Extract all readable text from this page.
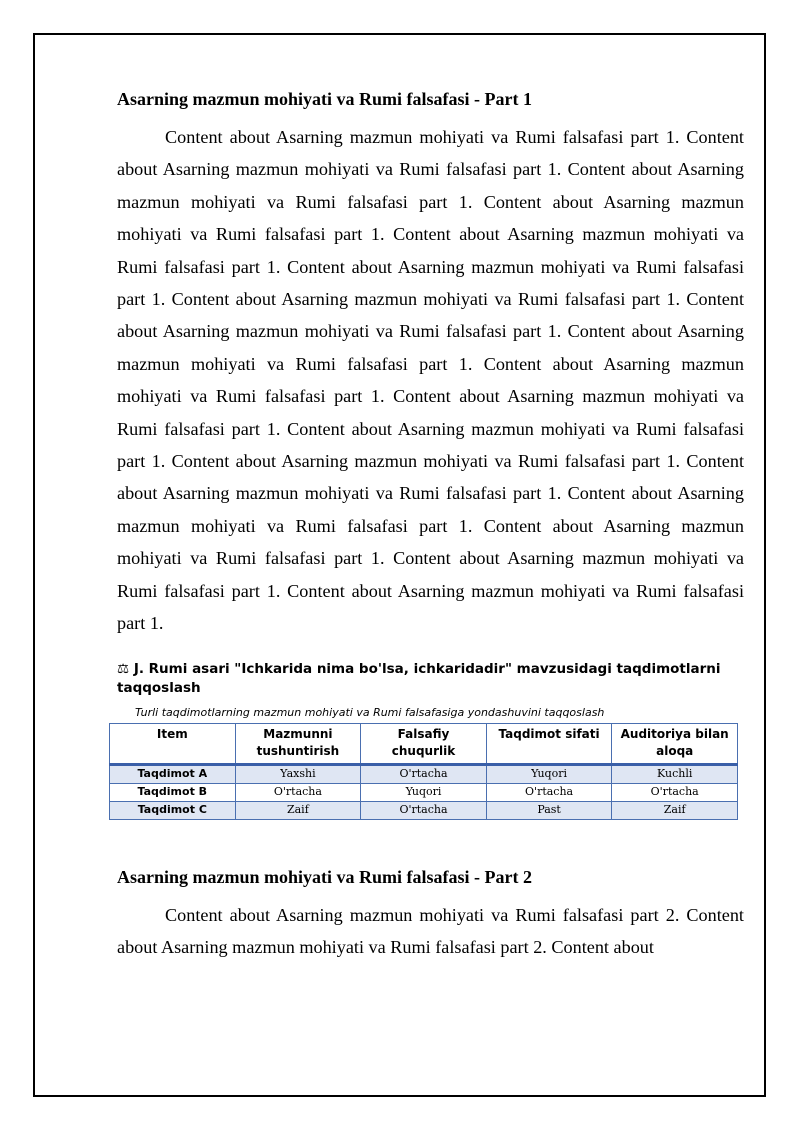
Asarning mazmun mohiyati va Rumi falsafasi - Part 1

Content about Asarning mazmun mohiyati va Rumi falsafasi part 1. Content about Asarning mazmun mohiyati va Rumi falsafasi part 1. Content about Asarning mazmun mohiyati va Rumi falsafasi part 1. Content about Asarning mazmun mohiyati va Rumi falsafasi part 1. Content about Asarning mazmun mohiyati va Rumi falsafasi part 1. Content about Asarning mazmun mohiyati va Rumi falsafasi part 1. Content about Asarning mazmun mohiyati va Rumi falsafasi part 1. Content about Asarning mazmun mohiyati va Rumi falsafasi part 1. Content about Asarning mazmun mohiyati va Rumi falsafasi part 1. Content about Asarning mazmun mohiyati va Rumi falsafasi part 1. Content about Asarning mazmun mohiyati va Rumi falsafasi part 1. Content about Asarning mazmun mohiyati va Rumi falsafasi part 1. Content about Asarning mazmun mohiyati va Rumi falsafasi part 1. Content about Asarning mazmun mohiyati va Rumi falsafasi part 1. Content about Asarning mazmun mohiyati va Rumi falsafasi part 1. Content about Asarning mazmun mohiyati va Rumi falsafasi part 1. Content about Asarning mazmun mohiyati va Rumi falsafasi part 1. Content about Asarning mazmun mohiyati va Rumi falsafasi part 1.

⚖ J. Rumi asari "Ichkarida nima bo'lsa, ichkaridadir" mavzusidagi taqdimotlarni taqqoslash
Turli taqdimotlarning mazmun mohiyati va Rumi falsafasiga yondashuvini taqqoslash
Item	Mazmunni tushuntirish	Falsafiy chuqurlik	Taqdimot sifati	Auditoriya bilan aloqa
Taqdimot A	Yaxshi	O'rtacha	Yuqori	Kuchli
Taqdimot B	O'rtacha	Yuqori	O'rtacha	O'rtacha
Taqdimot C	Zaif	O'rtacha	Past	Zaif
Asarning mazmun mohiyati va Rumi falsafasi - Part 2

Content about Asarning mazmun mohiyati va Rumi falsafasi part 2. Content about Asarning mazmun mohiyati va Rumi falsafasi part 2. Content about
